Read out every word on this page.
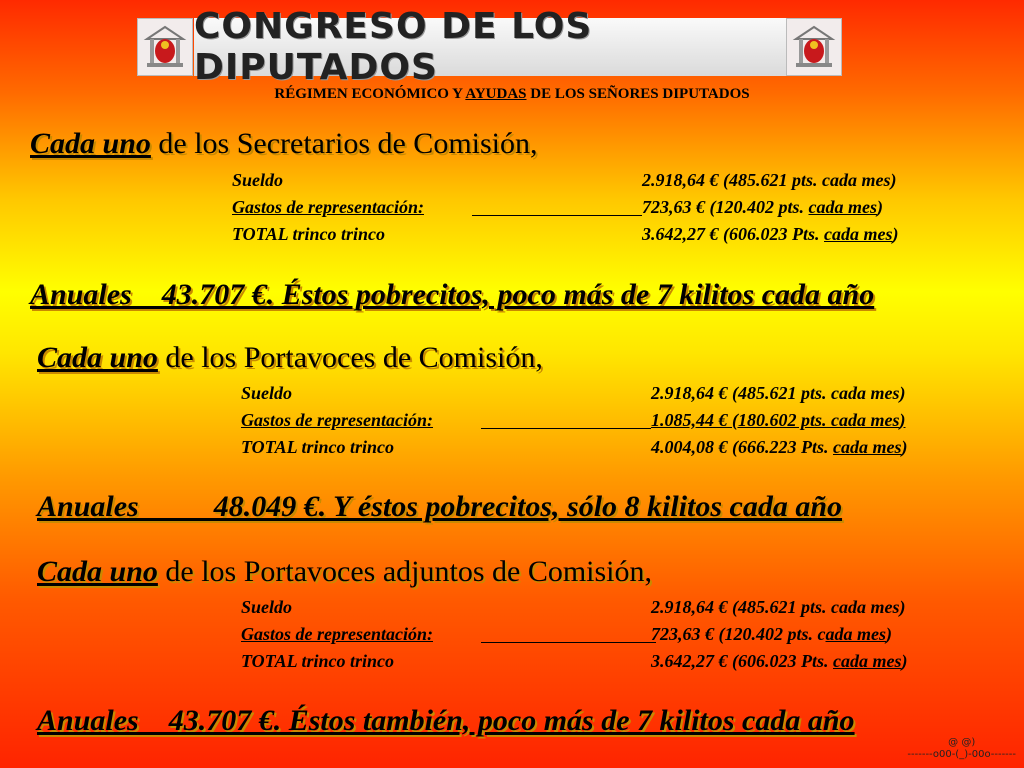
CONGRESO DE LOS DIPUTADOS
RÉGIMEN ECONÓMICO Y AYUDAS DE LOS SEÑORES DIPUTADOS
Cada uno de los Secretarios de Comisión,
Sueldo	2.918,64 € (485.621 pts. cada mes)
Gastos de representación:	723,63 € (120.402 pts. cada mes)
TOTAL trinco trinco	3.642,27 € (606.023 Pts. cada mes)
Anuales    43.707 €. Éstos pobrecitos, poco más de 7 kilitos cada año
Cada uno de los Portavoces de Comisión,
Sueldo	2.918,64 € (485.621 pts. cada mes)
Gastos de representación:	1.085,44 € (180.602 pts. cada mes)
TOTAL trinco trinco	4.004,08 € (666.223 Pts. cada mes)
Anuales          48.049 €. Y éstos pobrecitos, sólo 8 kilitos cada año
Cada uno de los Portavoces adjuntos de Comisión,
Sueldo	2.918,64 € (485.621 pts. cada mes)
Gastos de representación:	723,63 € (120.402 pts. cada mes)
TOTAL trinco trinco	3.642,27 € (606.023 Pts. cada mes)
Anuales    43.707 €. Éstos también, poco más de 7 kilitos cada año
@ @)
-------o00-(_)-00o-------
